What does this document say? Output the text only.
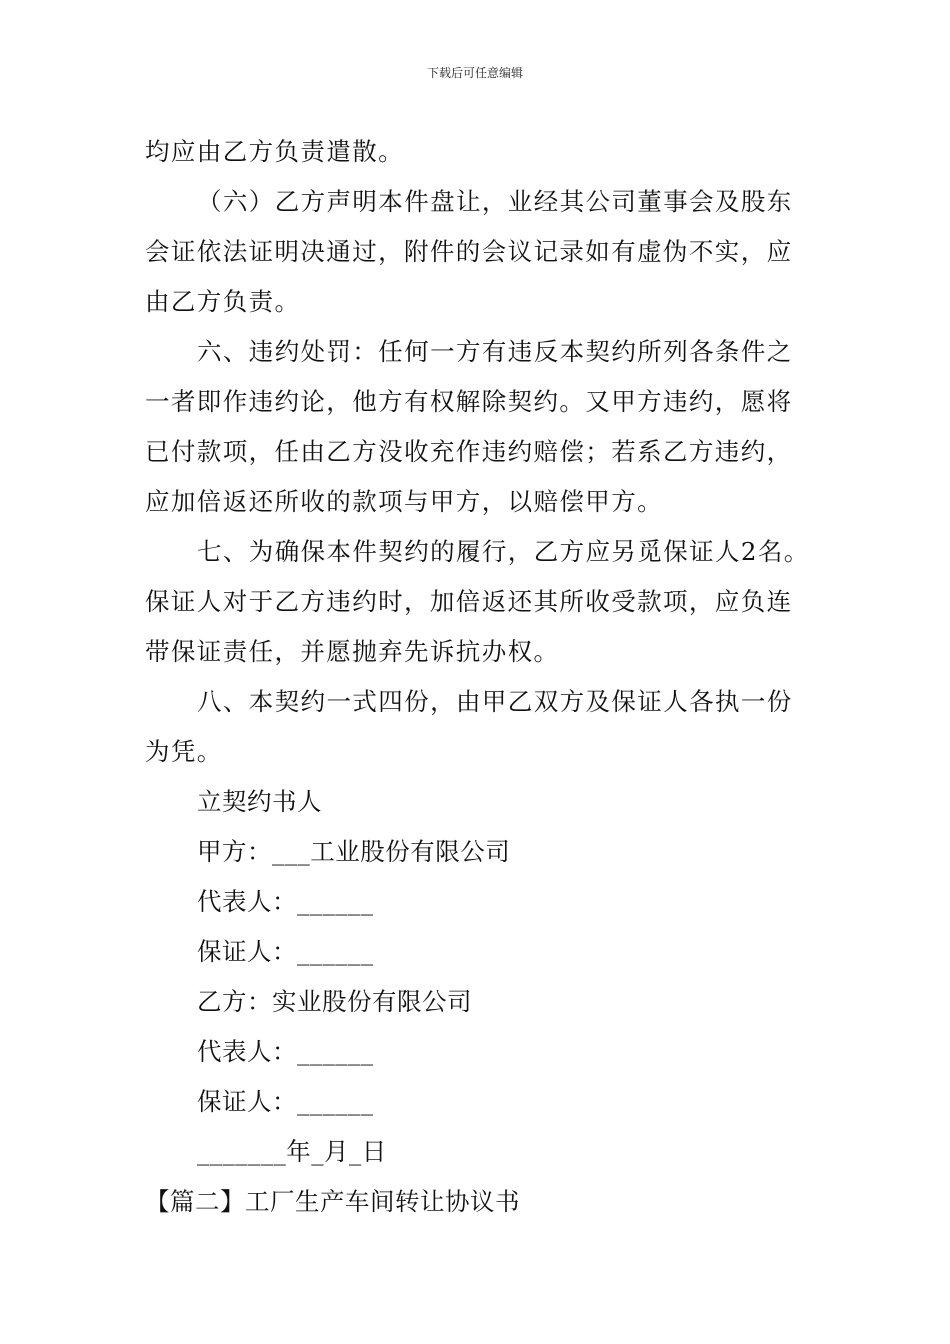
下载后可任意编辑

均应由乙方负责遣散。

（六）乙方声明本件盘让，业经其公司董事会及股东会证依法证明决通过，附件的会议记录如有虚伪不实，应由乙方负责。

六、违约处罚：任何一方有违反本契约所列各条件之一者即作违约论，他方有权解除契约。又甲方违约，愿将已付款项，任由乙方没收充作违约赔偿；若系乙方违约，应加倍返还所收的款项与甲方，以赔偿甲方。

七、为确保本件契约的履行，乙方应另觅保证人2名。保证人对于乙方违约时，加倍返还其所收受款项，应负连带保证责任，并愿抛弃先诉抗办权。

八、本契约一式四份，由甲乙双方及保证人各执一份为凭。

立契约书人
甲方：___工业股份有限公司
代表人：______
保证人：______
乙方：实业股份有限公司
代表人：______
保证人：______
_______年_月_日

【篇二】工厂生产车间转让协议书
